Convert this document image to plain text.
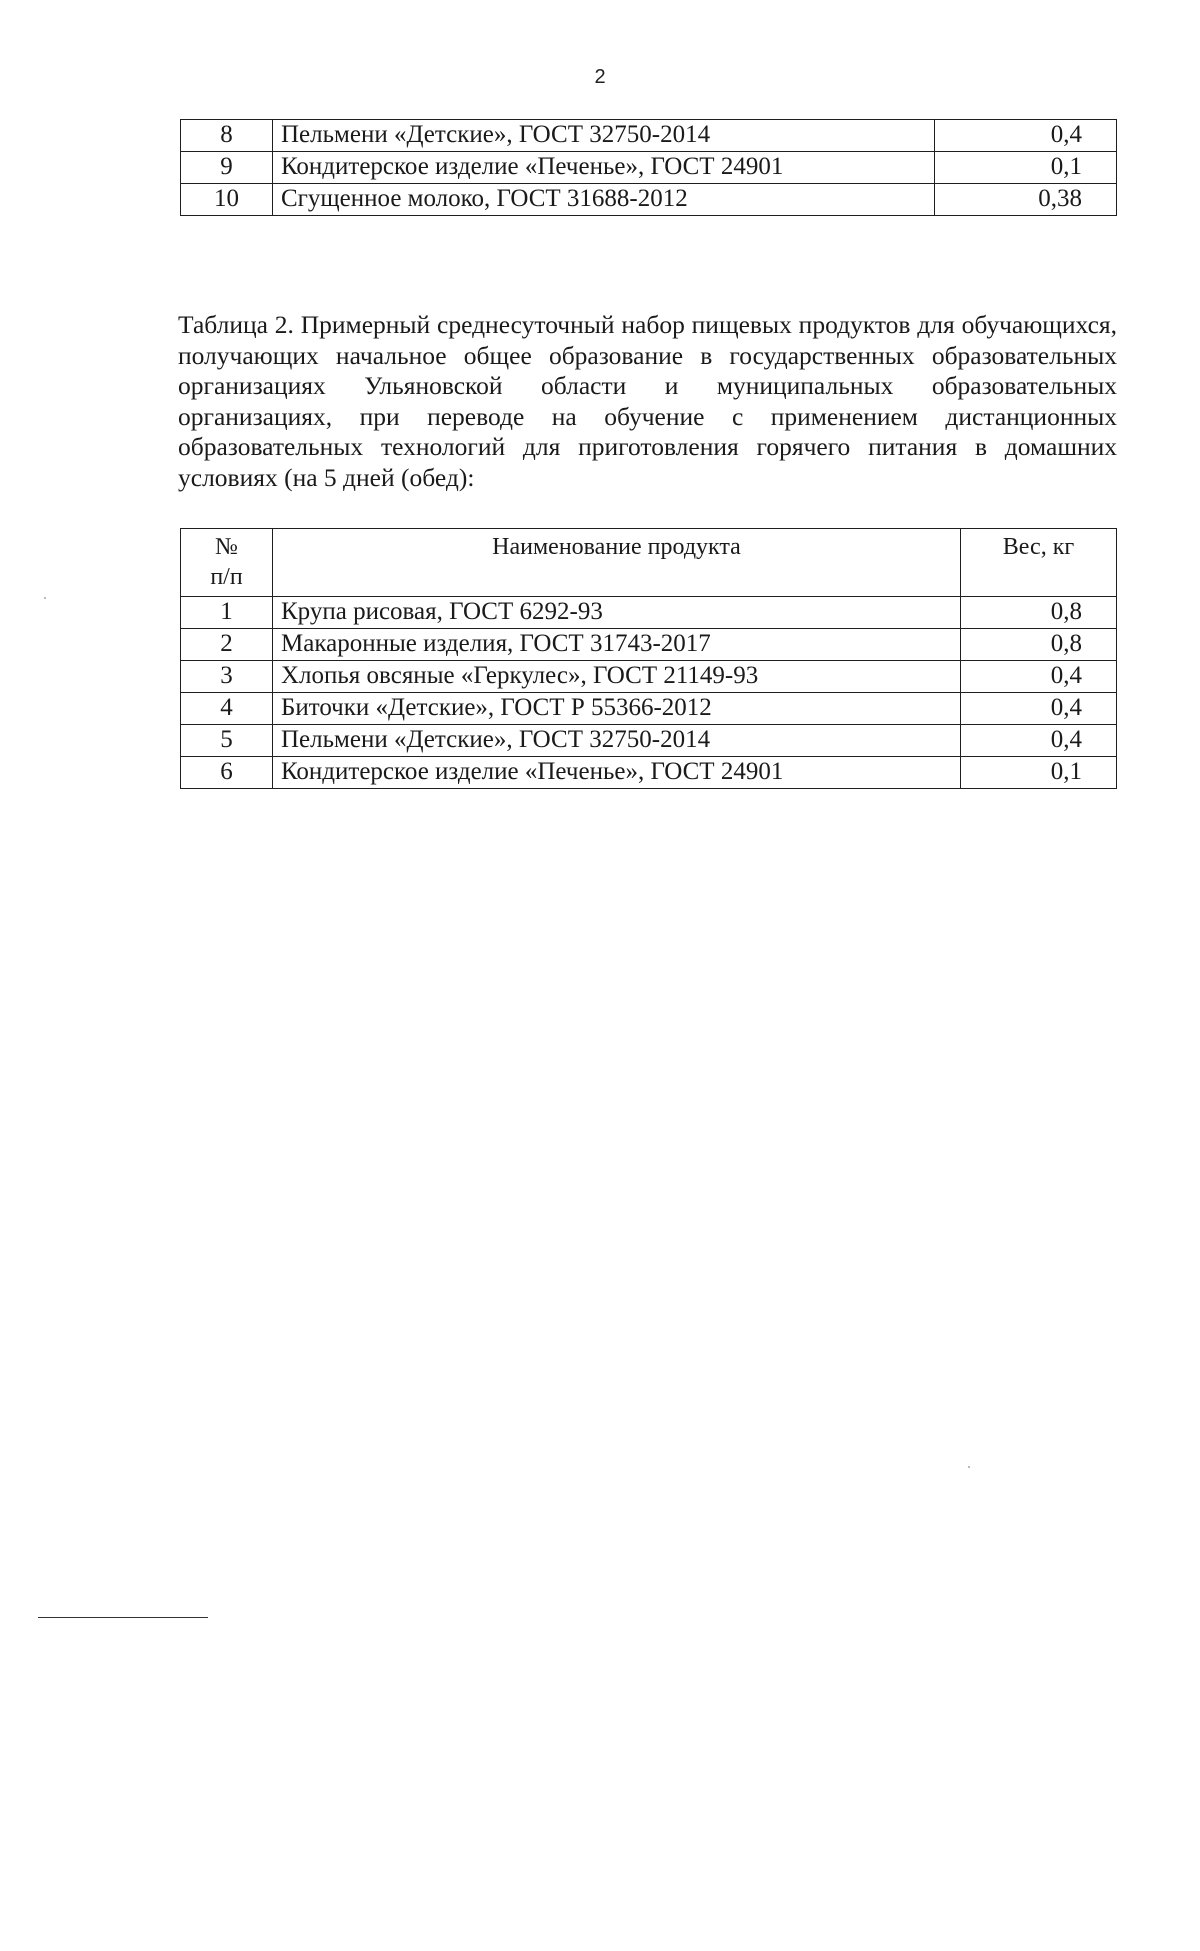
2
8	Пельмени «Детские», ГОСТ 32750-2014	0,4
9	Кондитерское изделие «Печенье», ГОСТ 24901	0,1
10	Сгущенное молоко, ГОСТ 31688-2012	0,38
Таблица 2. Примерный среднесуточный набор пищевых продуктов для обучающихся, получающих начальное общее образование в государственных образовательных организациях Ульяновской области и муниципальных образовательных организациях, при переводе на обучение с применением дистанционных образовательных технологий для приготовления горячего питания в домашних условиях (на 5 дней (обед):
№
п/п	Наименование продукта	Вес, кг
1	Крупа рисовая, ГОСТ 6292-93	0,8
2	Макаронные изделия, ГОСТ 31743-2017	0,8
3	Хлопья овсяные «Геркулес», ГОСТ 21149-93	0,4
4	Биточки «Детские», ГОСТ Р 55366-2012	0,4
5	Пельмени «Детские», ГОСТ 32750-2014	0,4
6	Кондитерское изделие «Печенье», ГОСТ 24901	0,1
